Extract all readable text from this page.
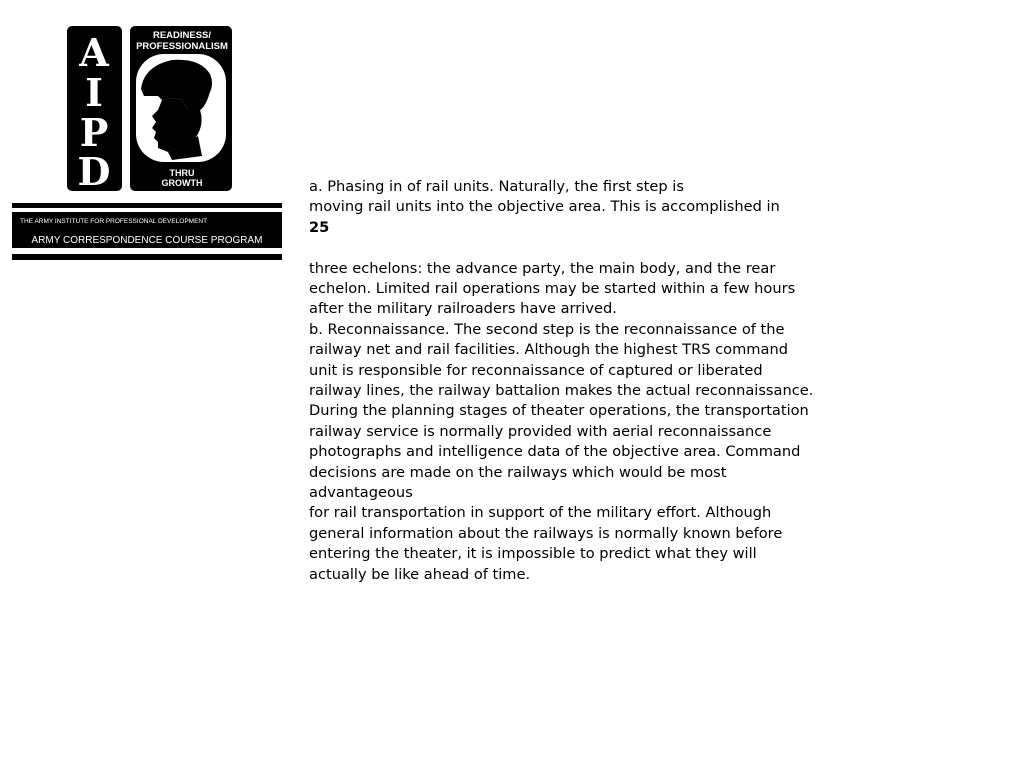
A
I
P
D
READINESS/
PROFESSIONALISM
THRU
GROWTH
THE ARMY INSTITUTE FOR PROFESSIONAL DEVELOPMENT
ARMY CORRESPONDENCE COURSE PROGRAM
a. Phasing in of rail units. Naturally, the first step is
moving rail units into the objective area. This is accomplished in
25
three echelons: the advance party, the main body, and the rear
echelon. Limited rail operations may be started within a few hours
after the military railroaders have arrived.
b. Reconnaissance. The second step is the reconnaissance of the
railway net and rail facilities. Although the highest TRS command
unit is responsible for reconnaissance of captured or liberated
railway lines, the railway battalion makes the actual reconnaissance.
During the planning stages of theater operations, the transportation
railway service is normally provided with aerial reconnaissance
photographs and intelligence data of the objective area. Command
decisions are made on the railways which would be most
advantageous
for rail transportation in support of the military effort. Although
general information about the railways is normally known before
entering the theater, it is impossible to predict what they will
actually be like ahead of time.
